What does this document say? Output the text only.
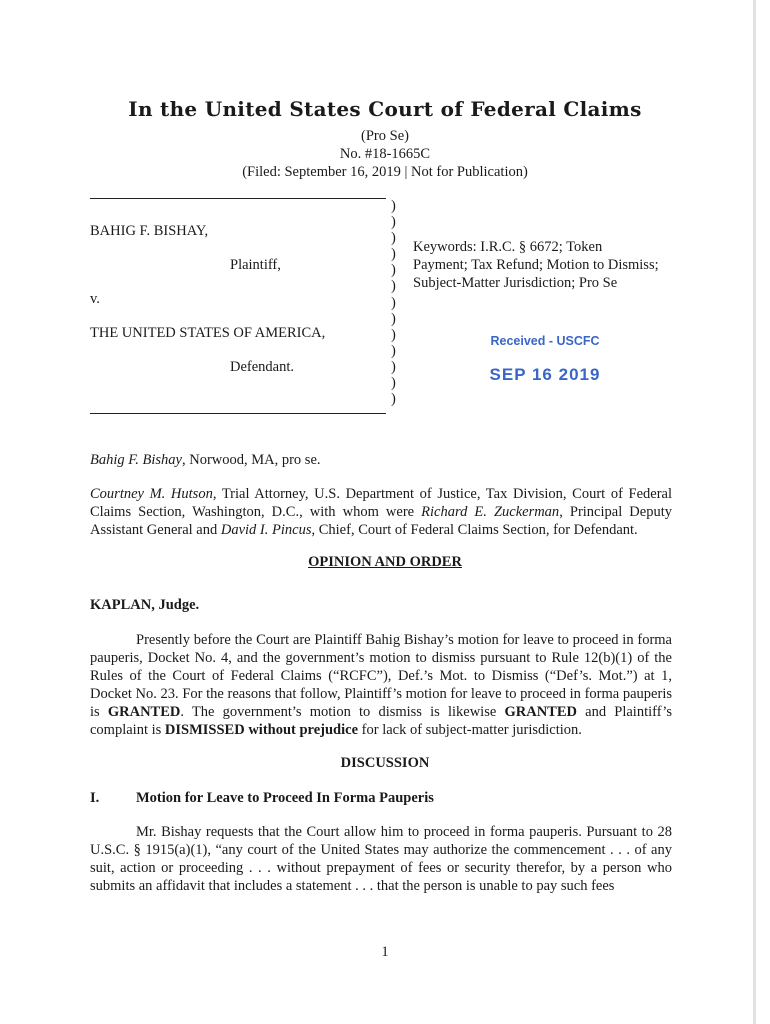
In the United States Court of Federal Claims
(Pro Se)
No. #18-1665C
(Filed: September 16, 2019 | Not for Publication)
BAHIG F. BISHAY,
Plaintiff,
v.
THE UNITED STATES OF AMERICA,
Defendant.
)
)
)
)
)
)
)
)
)
)
)
)
)
Keywords: I.R.C. § 6672; Token
Payment; Tax Refund; Motion to Dismiss;
Subject-Matter Jurisdiction; Pro Se
Received - USCFC
SEP 16 2019

Bahig F. Bishay, Norwood, MA, pro se.

Courtney M. Hutson, Trial Attorney, U.S. Department of Justice, Tax Division, Court of Federal Claims Section, Washington, D.C., with whom were Richard E. Zuckerman, Principal Deputy Assistant General and David I. Pincus, Chief, Court of Federal Claims Section, for Defendant.

OPINION AND ORDER
KAPLAN, Judge.

Presently before the Court are Plaintiff Bahig Bishay’s motion for leave to proceed in forma pauperis, Docket No. 4, and the government’s motion to dismiss pursuant to Rule 12(b)(1) of the Rules of the Court of Federal Claims (“RCFC”), Def.’s Mot. to Dismiss (“Def’s. Mot.”) at 1, Docket No. 23. For the reasons that follow, Plaintiff’s motion for leave to proceed in forma pauperis is GRANTED. The government’s motion to dismiss is likewise GRANTED and Plaintiff’s complaint is DISMISSED without prejudice for lack of subject-matter jurisdiction.

DISCUSSION
I.	Motion for Leave to Proceed In Forma Pauperis

Mr. Bishay requests that the Court allow him to proceed in forma pauperis. Pursuant to 28 U.S.C. § 1915(a)(1), “any court of the United States may authorize the commencement . . . of any suit, action or proceeding . . . without prepayment of fees or security therefor, by a person who submits an affidavit that includes a statement . . . that the person is unable to pay such fees

1
